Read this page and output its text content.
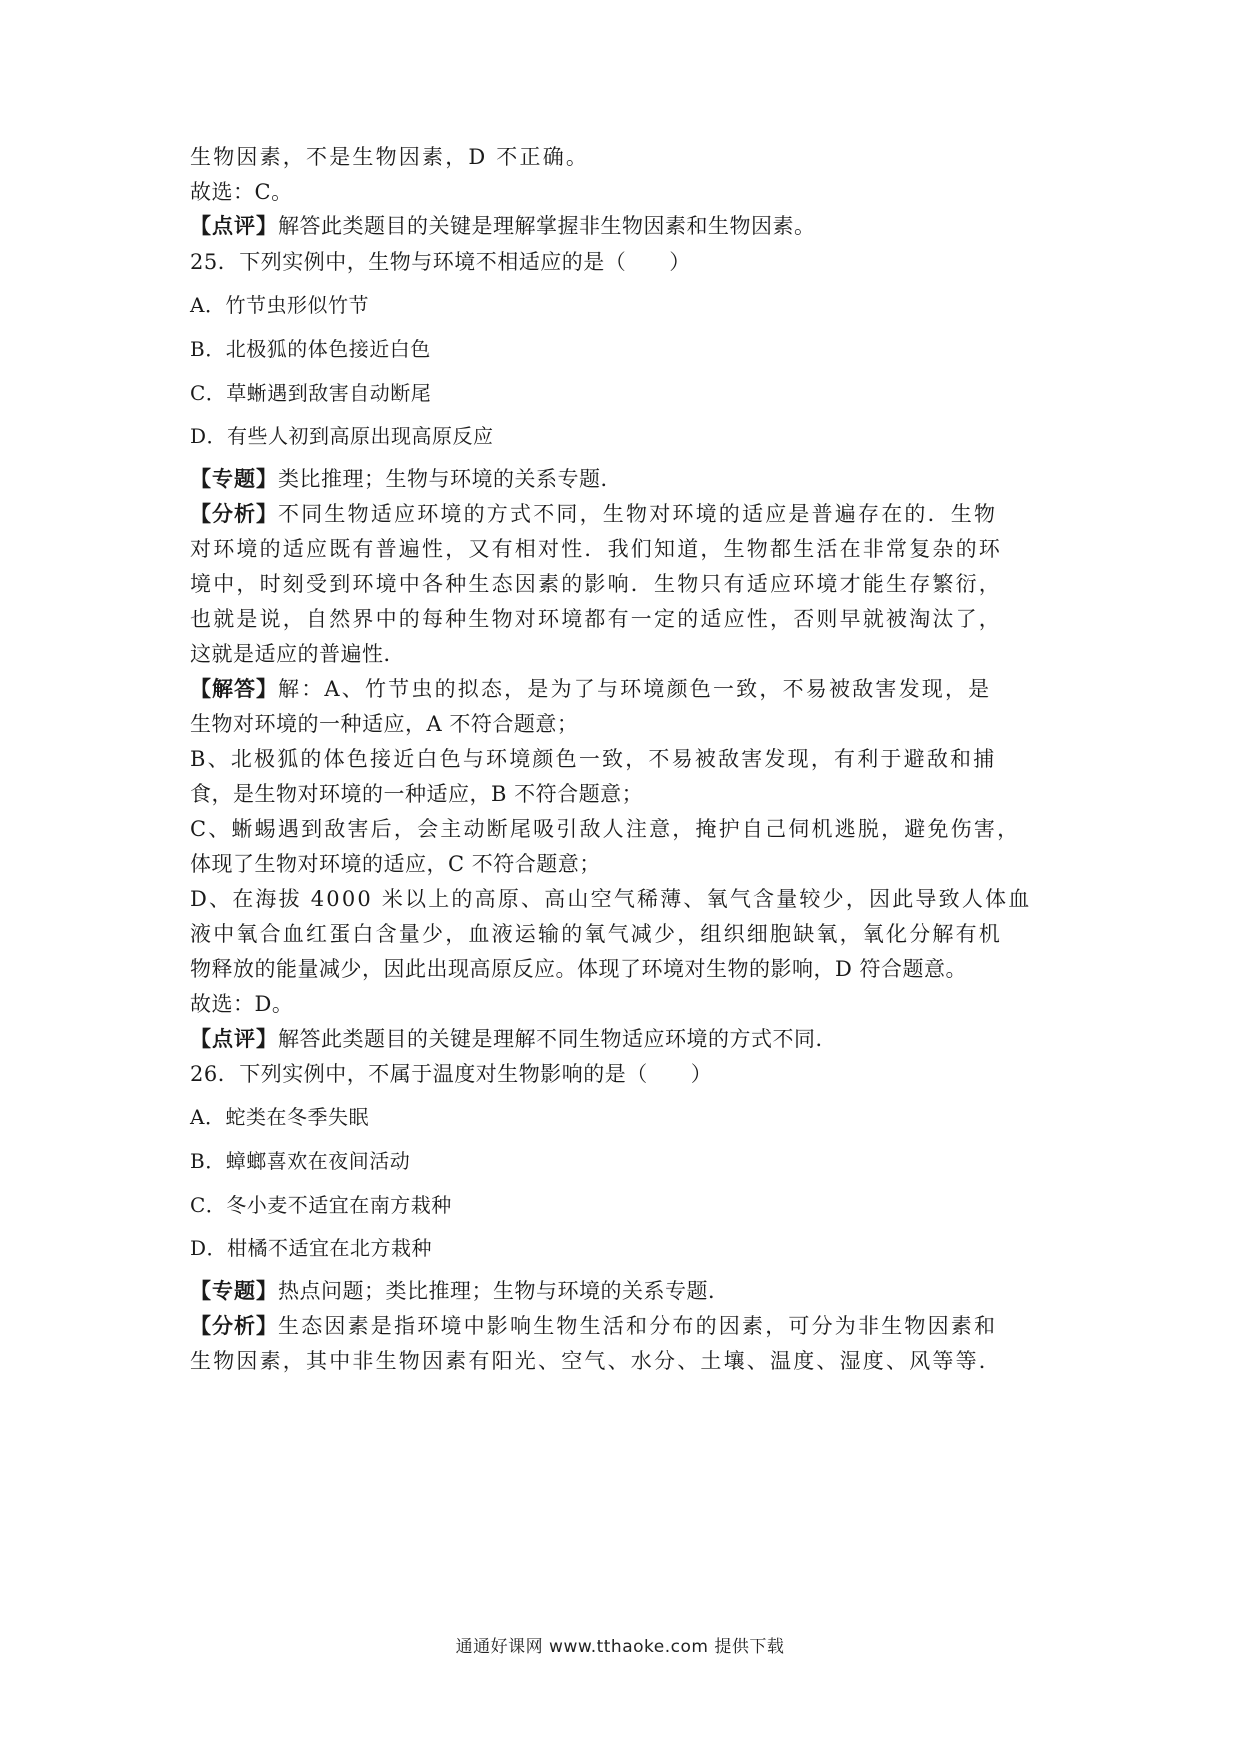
生物因素，不是生物因素，D 不正确。
故选：C。
【点评】解答此类题目的关键是理解掌握非生物因素和生物因素。
25．下列实例中，生物与环境不相适应的是（　　）
A．竹节虫形似竹节
B．北极狐的体色接近白色
C．草蜥遇到敌害自动断尾
D．有些人初到高原出现高原反应
【专题】类比推理；生物与环境的关系专题．
【分析】不同生物适应环境的方式不同，生物对环境的适应是普遍存在的．生物
对环境的适应既有普遍性，又有相对性．我们知道，生物都生活在非常复杂的环
境中，时刻受到环境中各种生态因素的影响．生物只有适应环境才能生存繁衍，
也就是说，自然界中的每种生物对环境都有一定的适应性，否则早就被淘汰了，
这就是适应的普遍性．
【解答】解：A、竹节虫的拟态，是为了与环境颜色一致，不易被敌害发现，是
生物对环境的一种适应，A 不符合题意；
B、北极狐的体色接近白色与环境颜色一致，不易被敌害发现，有利于避敌和捕
食，是生物对环境的一种适应，B 不符合题意；
C、蜥蜴遇到敌害后，会主动断尾吸引敌人注意，掩护自己伺机逃脱，避免伤害，
体现了生物对环境的适应，C 不符合题意；
D、在海拔 4000 米以上的高原、高山空气稀薄、氧气含量较少，因此导致人体血
液中氧合血红蛋白含量少，血液运输的氧气减少，组织细胞缺氧，氧化分解有机
物释放的能量减少，因此出现高原反应。体现了环境对生物的影响，D 符合题意。
故选：D。
【点评】解答此类题目的关键是理解不同生物适应环境的方式不同．
26．下列实例中，不属于温度对生物影响的是（　　）
A．蛇类在冬季失眠
B．蟑螂喜欢在夜间活动
C．冬小麦不适宜在南方栽种
D．柑橘不适宜在北方栽种
【专题】热点问题；类比推理；生物与环境的关系专题．
【分析】生态因素是指环境中影响生物生活和分布的因素，可分为非生物因素和
生物因素，其中非生物因素有阳光、空气、水分、土壤、温度、湿度、风等等．
通通好课网 www.tthaoke.com 提供下载
